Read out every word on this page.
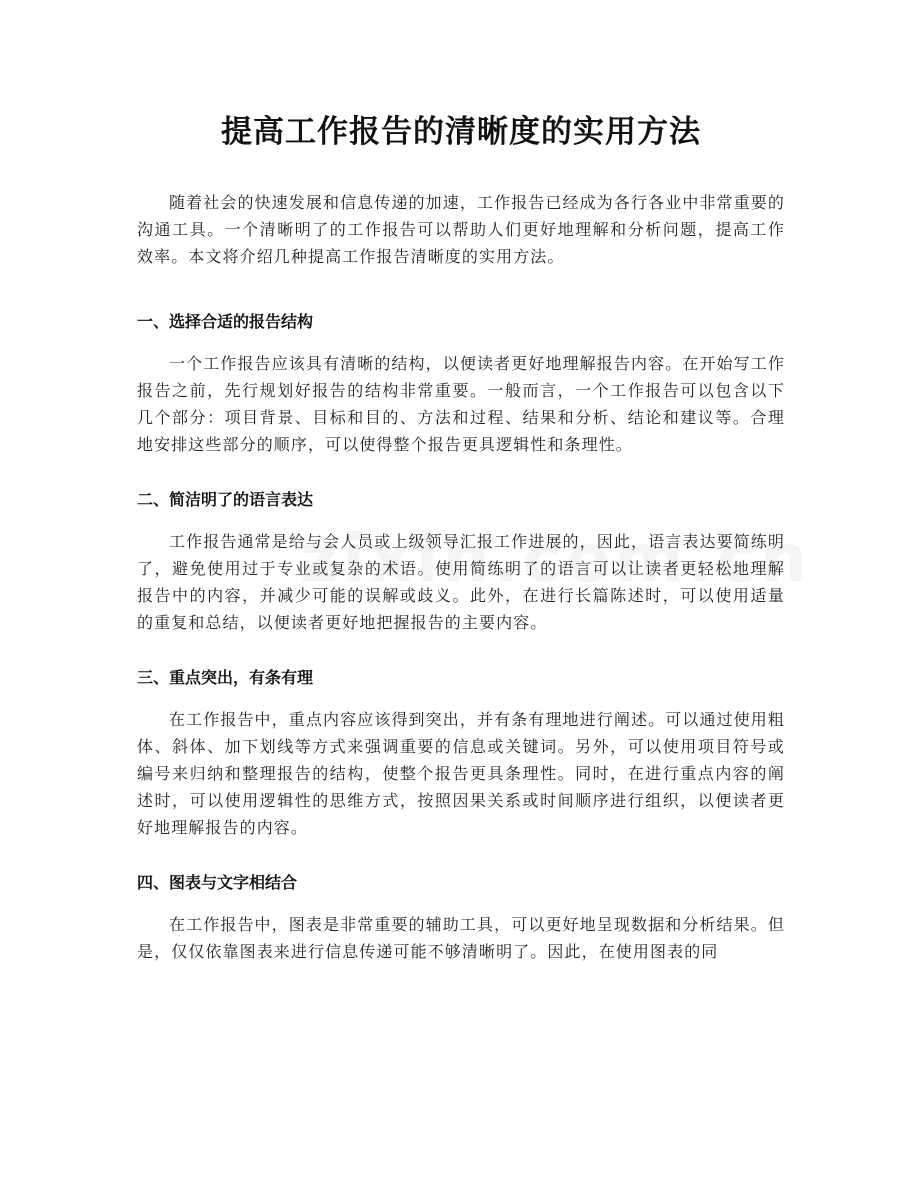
提高工作报告的清晰度的实用方法

随着社会的快速发展和信息传递的加速，工作报告已经成为各行各业中非常重要的沟通工具。一个清晰明了的工作报告可以帮助人们更好地理解和分析问题，提高工作效率。本文将介绍几种提高工作报告清晰度的实用方法。

一、选择合适的报告结构

一个工作报告应该具有清晰的结构，以便读者更好地理解报告内容。在开始写工作报告之前，先行规划好报告的结构非常重要。一般而言，一个工作报告可以包含以下几个部分：项目背景、目标和目的、方法和过程、结果和分析、结论和建议等。合理地安排这些部分的顺序，可以使得整个报告更具逻辑性和条理性。

二、简洁明了的语言表达

工作报告通常是给与会人员或上级领导汇报工作进展的，因此，语言表达要简练明了，避免使用过于专业或复杂的术语。使用简练明了的语言可以让读者更轻松地理解报告中的内容，并减少可能的误解或歧义。此外，在进行长篇陈述时，可以使用适量的重复和总结，以便读者更好地把握报告的主要内容。

三、重点突出，有条有理

在工作报告中，重点内容应该得到突出，并有条有理地进行阐述。可以通过使用粗体、斜体、加下划线等方式来强调重要的信息或关键词。另外，可以使用项目符号或编号来归纳和整理报告的结构，使整个报告更具条理性。同时，在进行重点内容的阐述时，可以使用逻辑性的思维方式，按照因果关系或时间顺序进行组织，以便读者更好地理解报告的内容。

四、图表与文字相结合

在工作报告中，图表是非常重要的辅助工具，可以更好地呈现数据和分析结果。但是，仅仅依靠图表来进行信息传递可能不够清晰明了。因此，在使用图表的同
